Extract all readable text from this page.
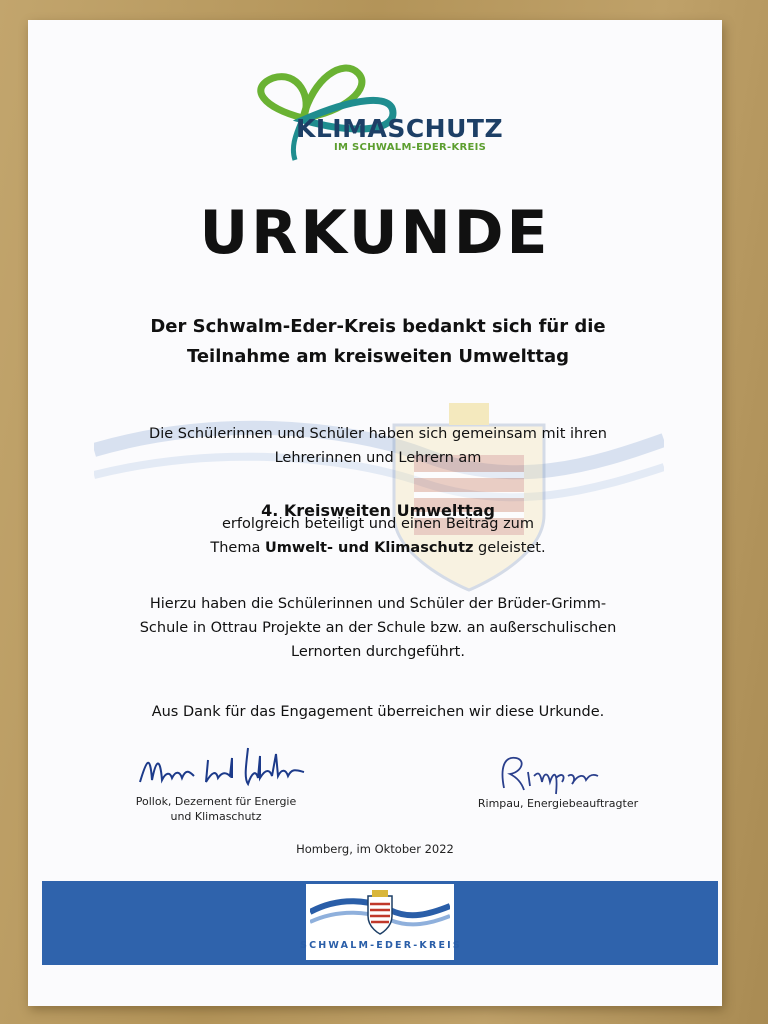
KLIMASCHUTZ
IM SCHWALM-EDER-KREIS
URKUNDE
Der Schwalm-Eder-Kreis bedankt sich für die
Teilnahme am kreisweiten Umwelttag
Die Schülerinnen und Schüler haben sich gemeinsam mit ihren
Lehrerinnen und Lehrern am
4. Kreisweiten Umwelttag
erfolgreich beteiligt und einen Beitrag zum
Thema Umwelt- und Klimaschutz geleistet.
Hierzu haben die Schülerinnen und Schüler der Brüder-Grimm-
Schule in Ottrau Projekte an der Schule bzw. an außerschulischen
Lernorten durchgeführt.
Aus Dank für das Engagement überreichen wir diese Urkunde.
Pollok, Dezernent für Energie
und Klimaschutz
Rimpau, Energiebeauftragter
Homberg, im Oktober 2022
SCHWALM-EDER-KREIS
